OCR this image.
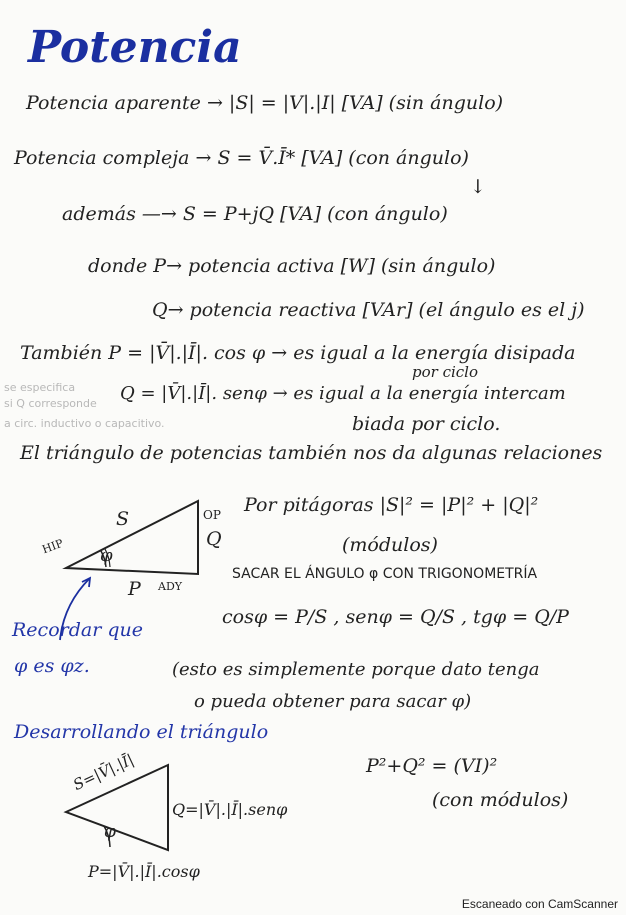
Potencia
Potencia aparente → |S| = |V|.|I| [VA] (sin ángulo)
Potencia compleja → S = V̄.Ī* [VA] (con ángulo)
↓
además —→ S = P+jQ [VA] (con ángulo)
donde P→ potencia activa [W] (sin ángulo)
Q→ potencia reactiva [VAr] (el ángulo es el j)
También P = |V̄|.|Ī|. cos φ → es igual a la energía disipada
por ciclo
se especifica
si Q corresponde
a circ. inductivo o capacitivo.
Q = |V̄|.|Ī|. senφ → es igual a la energía intercam
biada por ciclo.
El triángulo de potencias también nos da algunas relaciones
S	OP
Q
HIP φ
P ADY
Por pitágoras |S|² = |P|² + |Q|²
(módulos)
SACAR EL ÁNGULO φ CON TRIGONOMETRÍA
cosφ = P/S , senφ = Q/S , tgφ = Q/P
Recordar que
φ es φz.	(esto es simplemente porque dato tenga
o pueda obtener para sacar φ)
Desarrollando el triángulo
P²+Q² = (VI)²
(con módulos)
S=|V̄|.|Ī|
Q=|V̄|.|Ī|.senφ
φ
P=|V̄|.|Ī|.cosφ
Escaneado con CamScanner
